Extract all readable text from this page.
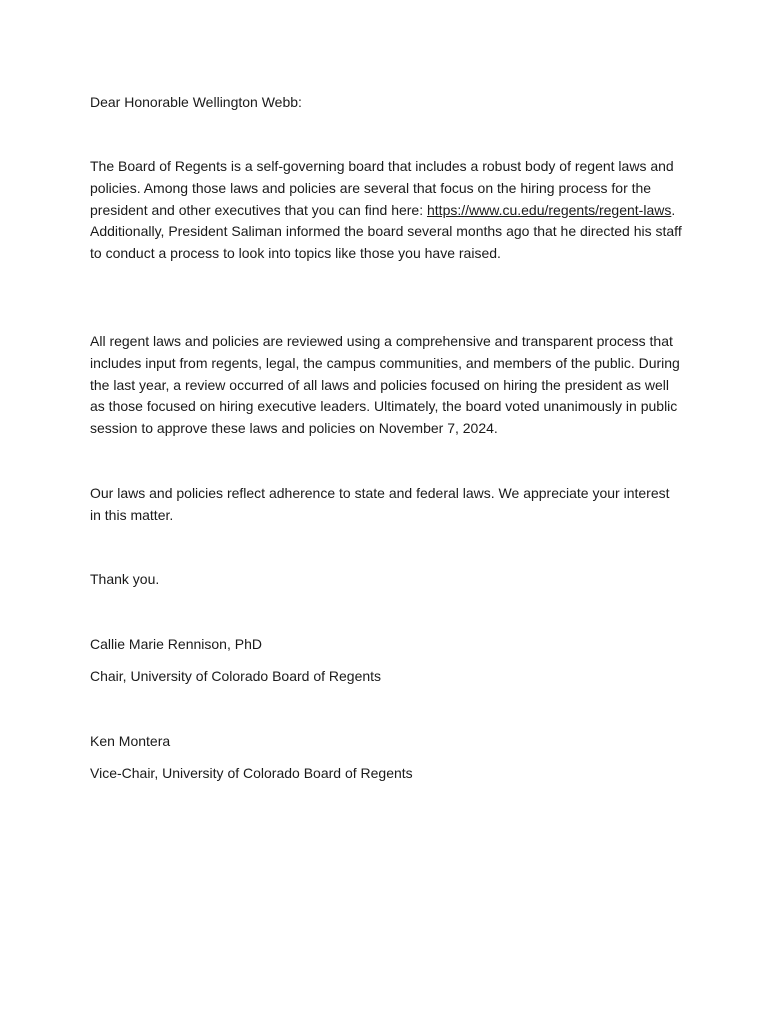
Dear Honorable Wellington Webb:

The Board of Regents is a self-governing board that includes a robust body of regent laws and policies. Among those laws and policies are several that focus on the hiring process for the president and other executives that you can find here: https://www.cu.edu/regents/regent-laws. Additionally, President Saliman informed the board several months ago that he directed his staff to conduct a process to look into topics like those you have raised.

All regent laws and policies are reviewed using a comprehensive and transparent process that includes input from regents, legal, the campus communities, and members of the public. During the last year, a review occurred of all laws and policies focused on hiring the president as well as those focused on hiring executive leaders. Ultimately, the board voted unanimously in public session to approve these laws and policies on November 7, 2024.

Our laws and policies reflect adherence to state and federal laws. We appreciate your interest in this matter.

Thank you.

Callie Marie Rennison, PhD

Chair, University of Colorado Board of Regents

Ken Montera

Vice-Chair, University of Colorado Board of Regents
